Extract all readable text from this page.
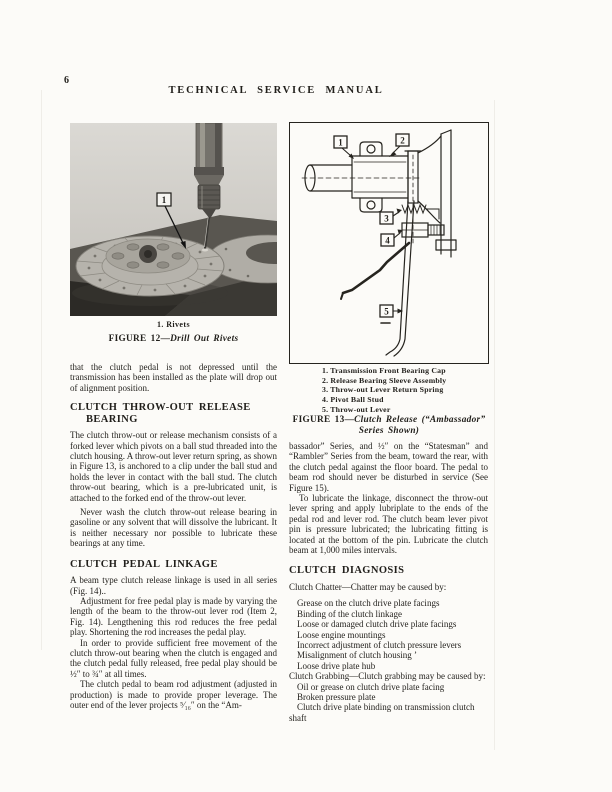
6
TECHNICAL SERVICE MANUAL
1
1. Rivets
FIGURE 12—Drill Out Rivets

that the clutch pedal is not depressed until the transmission has been installed as the plate will drop out of alignment position.

CLUTCH THROW-OUT RELEASE BEARING

The clutch throw-out or release mechanism consists of a forked lever which pivots on a ball stud threaded into the clutch housing. A throw-out lever return spring, as shown in Figure 13, is anchored to a clip under the ball stud and holds the lever in contact with the ball stud. The clutch throw-out bearing, which is a pre-lubricated unit, is attached to the forked end of the throw-out lever.

Never wash the clutch throw-out release bearing in gasoline or any solvent that will dissolve the lubricant. It is neither necessary nor possible to lubricate these bearings at any time.

CLUTCH PEDAL LINKAGE

A beam type clutch release linkage is used in all series (Fig. 14)..

Adjustment for free pedal play is made by varying the length of the beam to the throw-out lever rod (Item 2, Fig. 14). Lengthening this rod reduces the free pedal play. Shortening the rod increases the pedal play.

In order to provide sufficient free movement of the clutch throw-out bearing when the clutch is engaged and the clutch pedal fully released, free pedal play should be ½″ to ¾″ at all times.

The clutch pedal to beam rod adjustment (adjusted in production) is made to provide proper leverage. The outer end of the lever projects ⁵⁄₁₆″ on the “Am-

1	2
3
4
5
1. Transmission Front Bearing Cap
2. Release Bearing Sleeve Assembly
3. Throw-out Lever Return Spring
4. Pivot Ball Stud
5. Throw-out Lever
FIGURE 13—Clutch Release (“Ambassador”
Series Shown)

bassador” Series, and ½″ on the “Statesman” and “Rambler” Series from the beam, toward the rear, with the clutch pedal against the floor board. The pedal to beam rod should never be disturbed in service (See Figure 15).

To lubricate the linkage, disconnect the throw-out lever spring and apply lubriplate to the ends of the pedal rod and lever rod. The clutch beam lever pivot pin is pressure lubricated; the lubricating fitting is located at the bottom of the pin. Lubricate the clutch beam at 1,000 miles intervals.

CLUTCH DIAGNOSIS
Clutch Chatter—Chatter may be caused by:
Grease on the clutch drive plate facings
Binding of the clutch linkage
Loose or damaged clutch drive plate facings
Loose engine mountings
Incorrect adjustment of clutch pressure levers
Misalignment of clutch housing ’
Loose drive plate hub
Clutch Grabbing—Clutch grabbing may be caused by:
Oil or grease on clutch drive plate facing
Broken pressure plate
Clutch drive plate binding on transmission clutch shaft
